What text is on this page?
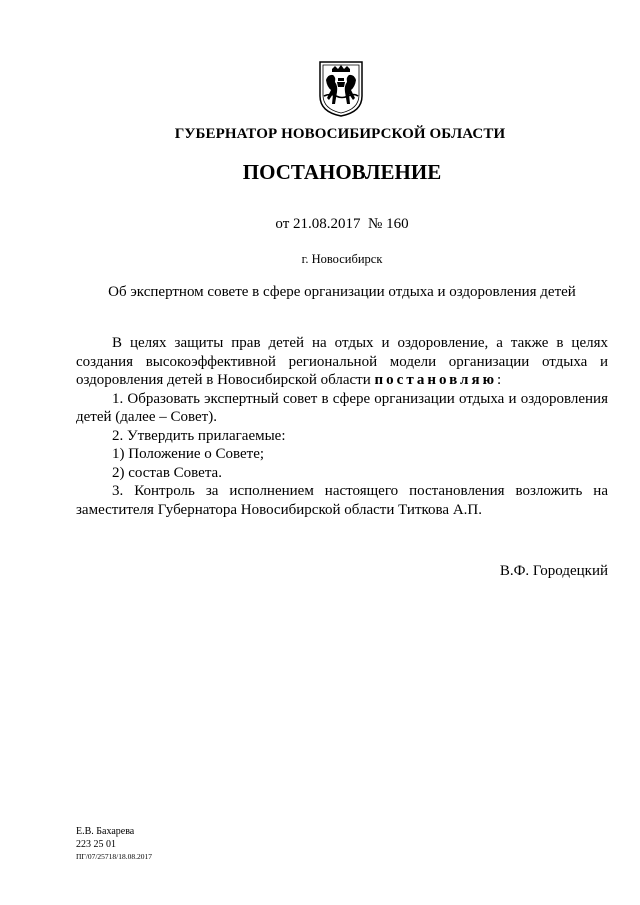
ГУБЕРНАТОР НОВОСИБИРСКОЙ ОБЛАСТИ
ПОСТАНОВЛЕНИЕ
от 21.08.2017 № 160
г. Новосибирск
Об экспертном совете в сфере организации отдыха и оздоровления детей

В целях защиты прав детей на отдых и оздоровление, а также в целях создания высокоэффективной региональной модели организации отдыха и оздоровления детей в Новосибирской области постановляю:

1. Образовать экспертный совет в сфере организации отдыха и оздоровления детей (далее – Совет).

2. Утвердить прилагаемые:

1) Положение о Совете;

2) состав Совета.

3. Контроль за исполнением настоящего постановления возложить на заместителя Губернатора Новосибирской области Титкова А.П.

В.Ф. Городецкий
Е.В. Бахарева
223 25 01
ПГ/07/25718/18.08.2017
